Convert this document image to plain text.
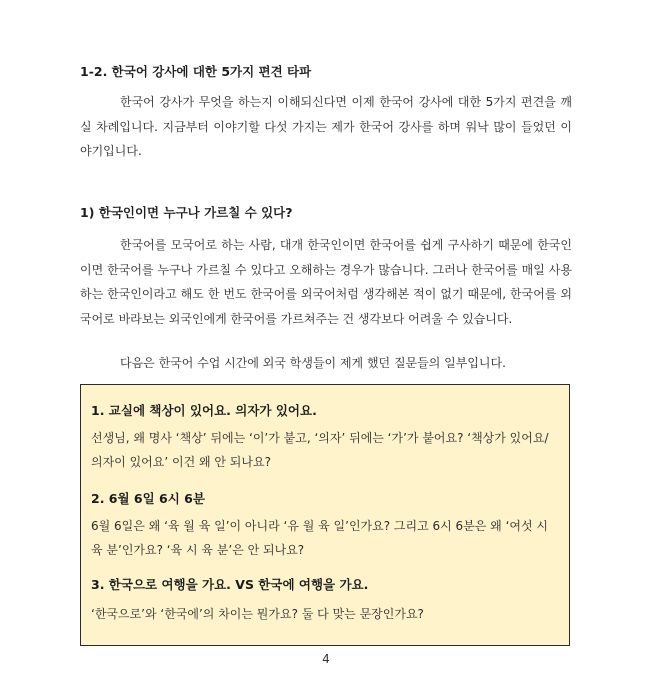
1-2. 한국어 강사에 대한 5가지 편견 타파
한국어 강사가 무엇을 하는지 이해되신다면 이제 한국어 강사에 대한 5가지 편견을 깨실 차례입니다. 지금부터 이야기할 다섯 가지는 제가 한국어 강사를 하며 워낙 많이 들었던 이야기입니다.
1) 한국인이면 누구나 가르칠 수 있다?
한국어를 모국어로 하는 사람, 대개 한국인이면 한국어를 쉽게 구사하기 때문에 한국인이면 한국어를 누구나 가르칠 수 있다고 오해하는 경우가 많습니다. 그러나 한국어를 매일 사용하는 한국인이라고 해도 한 번도 한국어를 외국어처럼 생각해본 적이 없기 때문에, 한국어를 외국어로 바라보는 외국인에게 한국어를 가르쳐주는 건 생각보다 어려울 수 있습니다.
다음은 한국어 수업 시간에 외국 학생들이 제게 했던 질문들의 일부입니다.
1. 교실에 책상이 있어요. 의자가 있어요.
선생님, 왜 명사 ‘책상’ 뒤에는 ‘이’가 붙고, ‘의자’ 뒤에는 ‘가’가 붙어요? ‘책상가 있어요/의자이 있어요’ 이건 왜 안 되나요?
2. 6월 6일 6시 6분
6월 6일은 왜 ‘육 월 육 일’이 아니라 ‘유 월 육 일’인가요? 그리고 6시 6분은 왜 ‘여섯 시 육 분’인가요? ‘육 시 육 분’은 안 되나요?
3. 한국으로 여행을 가요. VS 한국에 여행을 가요.
‘한국으로’와 ‘한국에’의 차이는 뭔가요? 둘 다 맞는 문장인가요?
4
